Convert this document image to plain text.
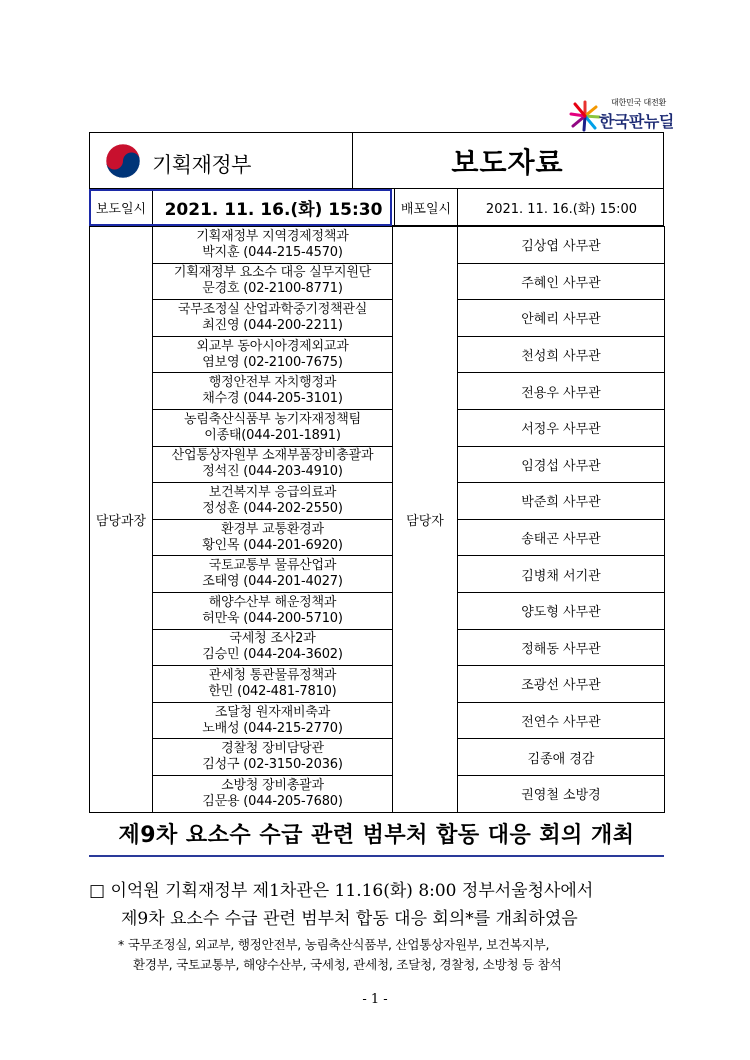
대한민국 대전환
한국판뉴딜
기획재정부	보도자료
보도일시	2021. 11. 16.(화) 15:30	배포일시	2021. 11. 16.(화) 15:00
담당과장	기획재정부 지역경제정책과
박지훈 (044-215-4570)	담당자	김상엽 사무관

	기획재정부 요소수 대응 실무지원단
문경호 (02-2100-8771)		주혜인 사무관

	국무조정실 산업과학중기정책관실
최진영 (044-200-2211)		안혜리 사무관

	외교부 동아시아경제외교과
염보영 (02-2100-7675)		천성희 사무관

	행정안전부 자치행정과
채수경 (044-205-3101)		전용우 사무관

	농림축산식품부 농기자재정책팀
이종태(044-201-1891)		서정우 사무관

	산업통상자원부 소재부품장비총괄과
정석진 (044-203-4910)		임경섭 사무관

	보건복지부 응급의료과
정성훈 (044-202-2550)		박준희 사무관

	환경부 교통환경과
황인목 (044-201-6920)		송태곤 사무관

	국토교통부 물류산업과
조태영 (044-201-4027)		김병채 서기관

	해양수산부 해운정책과
허만욱 (044-200-5710)		양도형 사무관

	국세청 조사2과
김승민 (044-204-3602)		정해동 사무관

	관세청 통관물류정책과
한민 (042-481-7810)		조광선 사무관

	조달청 원자재비축과
노배성 (044-215-2770)		전연수 사무관

	경찰청 장비담당관
김성구 (02-3150-2036)		김종애 경감

	소방청 장비총괄과
김문용 (044-205-7680)		권영철 소방경
제9차 요소수 수급 관련 범부처 합동 대응 회의 개최
□ 이억원 기획재정부 제1차관은 11.16(화) 8:00 정부서울청사에서
제9차 요소수 수급 관련 범부처 합동 대응 회의*를 개최하였음
* 국무조정실, 외교부, 행정안전부, 농림축산식품부, 산업통상자원부, 보건복지부,
환경부, 국토교통부, 해양수산부, 국세청, 관세청, 조달청, 경찰청, 소방청 등 참석
- 1 -
